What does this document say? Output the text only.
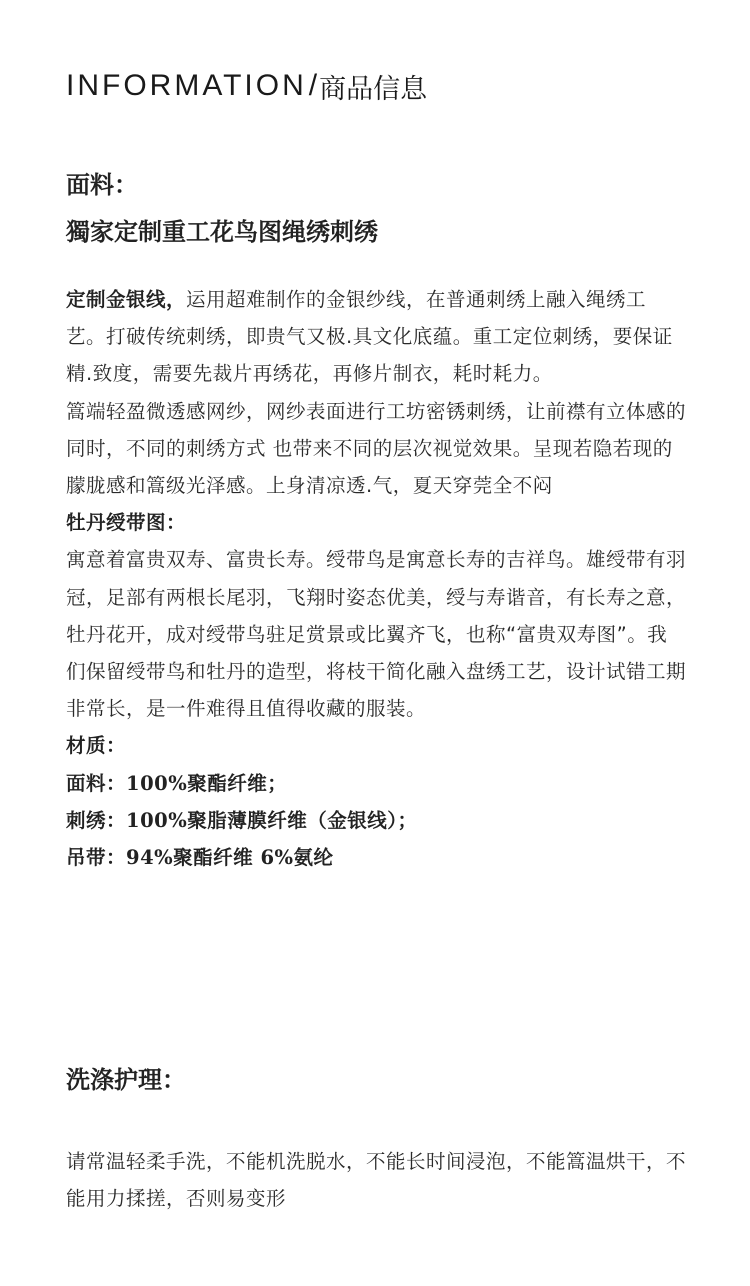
INFORMATION / 商品信息
面料：
獨家定制重工花鸟图绳绣刺绣

定制金银线，运用超难制作的金银纱线，在普通刺绣上融入绳绣工艺。打破传统刺绣，即贵气又极.具文化底蕴。重工定位刺绣，要保证精.致度，需要先裁片再绣花，再修片制衣，耗时耗力。

篙端轻盈微透感网纱，网纱表面进行工坊密锈刺绣，让前襟有立体感的同时，不同的刺绣方式 也带来不同的层次视觉效果。呈现若隐若现的朦胧感和篙级光泽感。上身清凉透.气，夏天穿莞全不闷

牡丹绶带图：

寓意着富贵双寿、富贵长寿。绶带鸟是寓意长寿的吉祥鸟。雄绶带有羽冠，足部有两根长尾羽，飞翔时姿态优美，绶与寿谐音，有长寿之意，牡丹花开，成对绶带鸟驻足赏景或比翼齐飞，也称“富贵双寿图”。我们保留绶带鸟和牡丹的造型，将枝干简化融入盘绣工艺，设计试错工期非常长，是一件难得且值得收藏的服装。

材质：

面料：100%聚酯纤维；

刺绣：100%聚脂薄膜纤维（金银线）；

吊带：94%聚酯纤维 6%氨纶

洗涤护理：

请常温轻柔手洗，不能机洗脱水，不能长时间浸泡，不能篙温烘干，不能用力揉搓，否则易变形
